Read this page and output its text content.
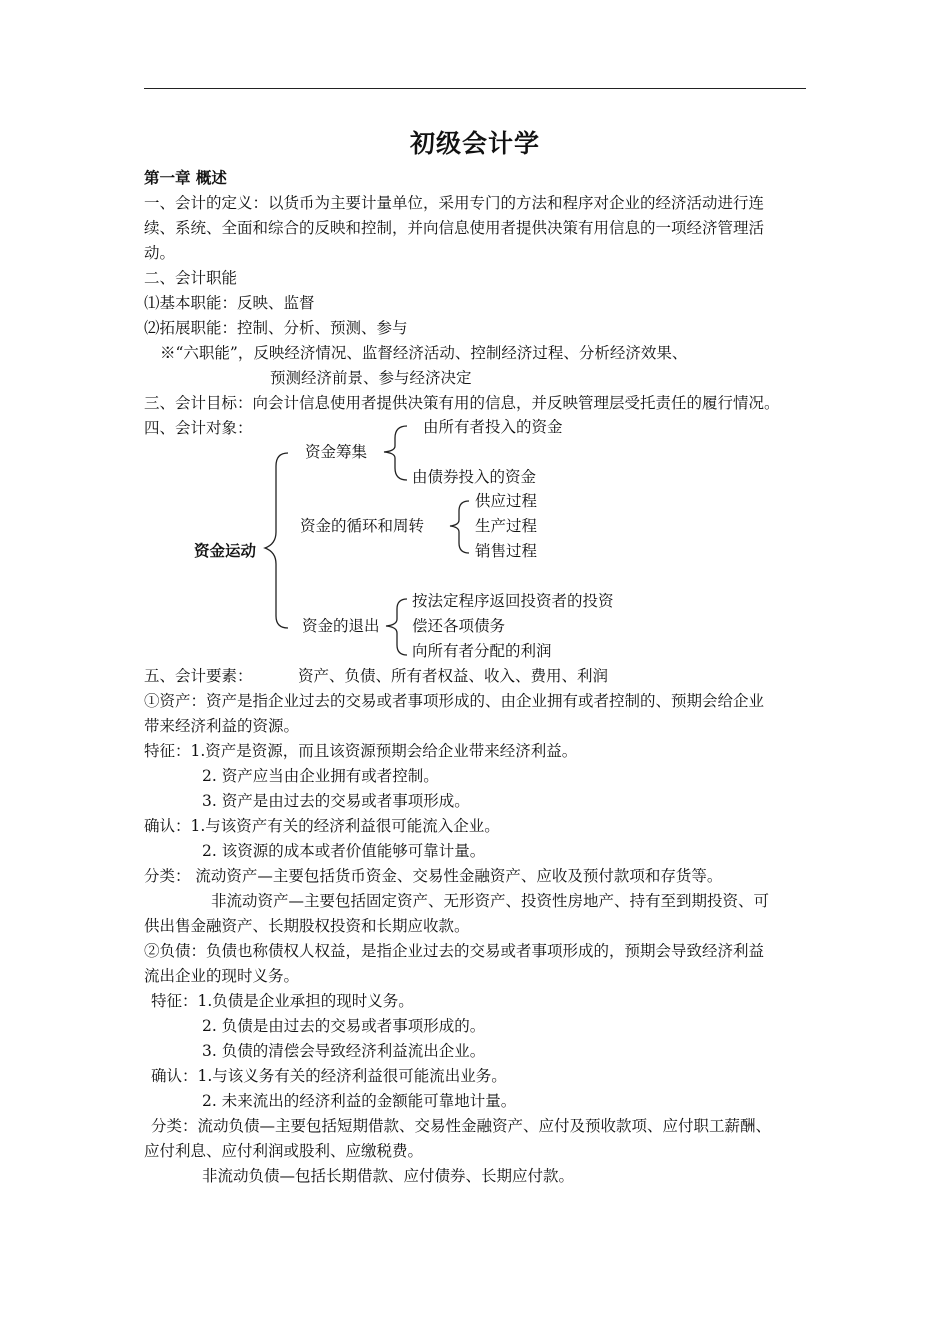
初级会计学
第一章 概述
一、会计的定义：以货币为主要计量单位，采用专门的方法和程序对企业的经济活动进行连
续、系统、全面和综合的反映和控制，并向信息使用者提供决策有用信息的一项经济管理活
动。
二、会计职能
⑴基本职能：反映、监督
⑵拓展职能：控制、分析、预测、参与
※“六职能”，反映经济情况、监督经济活动、控制经济过程、分析经济效果、
预测经济前景、参与经济决定
三、会计目标：向会计信息使用者提供决策有用的信息，并反映管理层受托责任的履行情况。
四、会计对象：
资金运动
资金筹集
由所有者投入的资金
由债券投入的资金
资金的循环和周转
供应过程
生产过程
销售过程
资金的退出
按法定程序返回投资者的投资
偿还各项债务
向所有者分配的利润
五、会计要素：	资产、负债、所有者权益、收入、费用、利润
①资产：资产是指企业过去的交易或者事项形成的、由企业拥有或者控制的、预期会给企业
带来经济利益的资源。
特征：1.资产是资源，而且该资源预期会给企业带来经济利益。
2. 资产应当由企业拥有或者控制。
3. 资产是由过去的交易或者事项形成。
确认：1.与该资产有关的经济利益很可能流入企业。
2. 该资源的成本或者价值能够可靠计量。
分类： 流动资产—主要包括货币资金、交易性金融资产、应收及预付款项和存货等。
非流动资产—主要包括固定资产、无形资产、投资性房地产、持有至到期投资、可
供出售金融资产、长期股权投资和长期应收款。
②负债：负债也称债权人权益，是指企业过去的交易或者事项形成的，预期会导致经济利益
流出企业的现时义务。
特征：1.负债是企业承担的现时义务。
2. 负债是由过去的交易或者事项形成的。
3. 负债的清偿会导致经济利益流出企业。
确认：1.与该义务有关的经济利益很可能流出业务。
2. 未来流出的经济利益的金额能可靠地计量。
分类：流动负债—主要包括短期借款、交易性金融资产、应付及预收款项、应付职工薪酬、
应付利息、应付利润或股利、应缴税费。
非流动负债—包括长期借款、应付债券、长期应付款。
